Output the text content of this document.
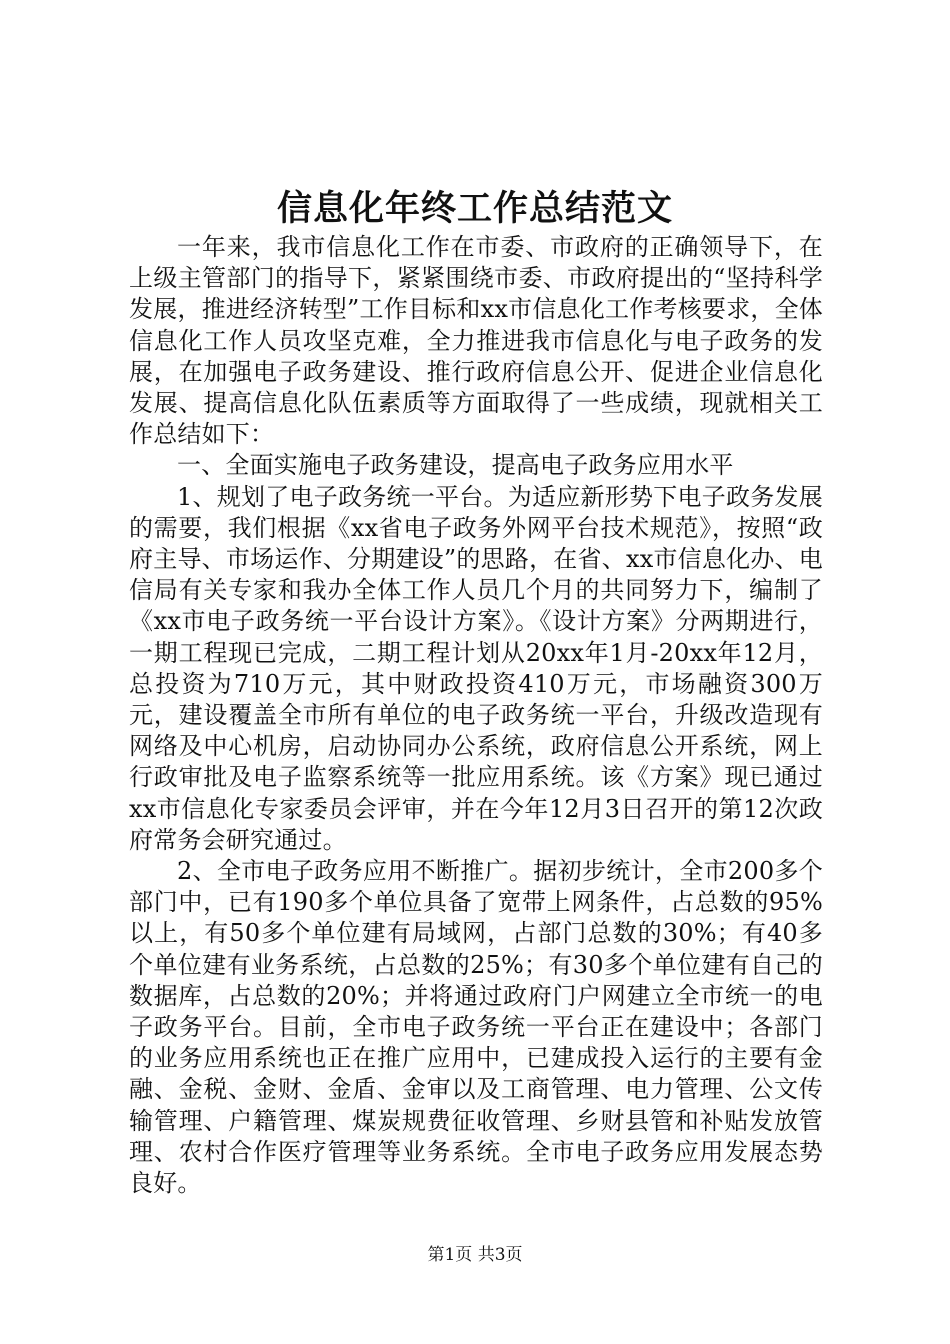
信息化年终工作总结范文

一年来，我市信息化工作在市委、市政府的正确领导下，在上级主管部门的指导下，紧紧围绕市委、市政府提出的“坚持科学发展，推进经济转型”工作目标和xx市信息化工作考核要求，全体信息化工作人员攻坚克难，全力推进我市信息化与电子政务的发展，在加强电子政务建设、推行政府信息公开、促进企业信息化发展、提高信息化队伍素质等方面取得了一些成绩，现就相关工作总结如下：

一、全面实施电子政务建设，提高电子政务应用水平

1、规划了电子政务统一平台。为适应新形势下电子政务发展的需要，我们根据《xx省电子政务外网平台技术规范》，按照“政府主导、市场运作、分期建设”的思路，在省、xx市信息化办、电信局有关专家和我办全体工作人员几个月的共同努力下，编制了《xx市电子政务统一平台设计方案》。《设计方案》分两期进行，一期工程现已完成，二期工程计划从20xx年1月-20xx年12月，总投资为710万元，其中财政投资410万元，市场融资300万元，建设覆盖全市所有单位的电子政务统一平台，升级改造现有网络及中心机房，启动协同办公系统，政府信息公开系统，网上行政审批及电子监察系统等一批应用系统。该《方案》现已通过xx市信息化专家委员会评审，并在今年12月3日召开的第12次政府常务会研究通过。

2、全市电子政务应用不断推广。据初步统计，全市200多个部门中，已有190多个单位具备了宽带上网条件，占总数的95%以上，有50多个单位建有局域网，占部门总数的30%；有40多个单位建有业务系统，占总数的25%；有30多个单位建有自己的数据库，占总数的20%；并将通过政府门户网建立全市统一的电子政务平台。目前，全市电子政务统一平台正在建设中；各部门的业务应用系统也正在推广应用中，已建成投入运行的主要有金融、金税、金财、金盾、金审以及工商管理、电力管理、公文传输管理、户籍管理、煤炭规费征收管理、乡财县管和补贴发放管理、农村合作医疗管理等业务系统。全市电子政务应用发展态势良好。

第1页 共3页
